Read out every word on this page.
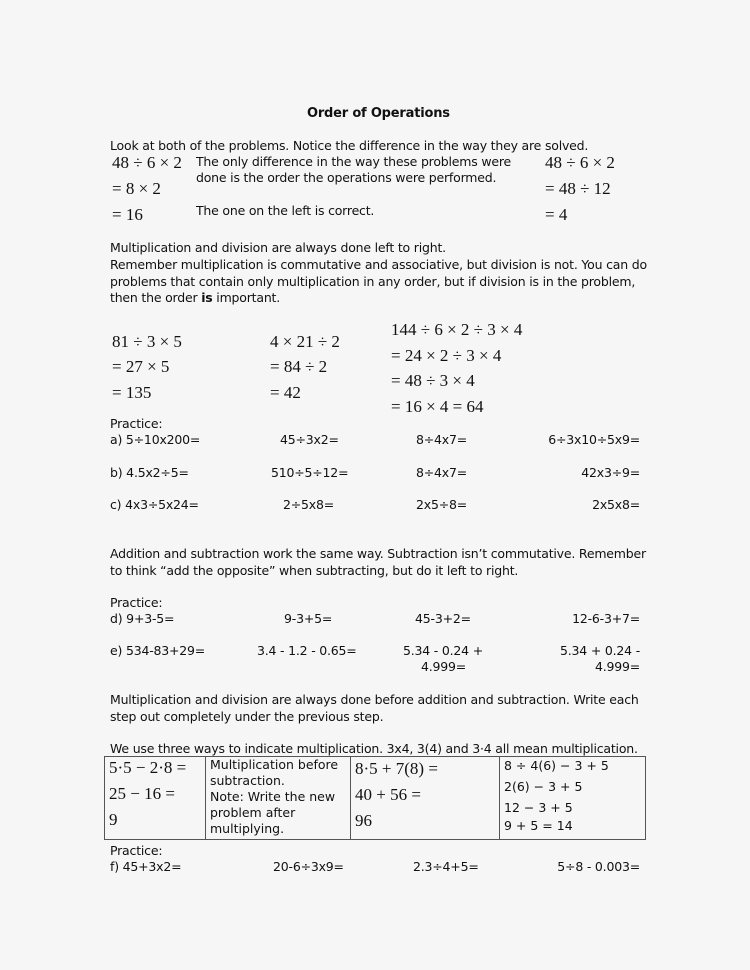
Order of Operations
Look at both of the problems. Notice the difference in the way they are solved.
48 ÷ 6 × 2
= 8 × 2
= 16
The only difference in the way these problems were
done is the order the operations were performed.
The one on the left is correct.
48 ÷ 6 × 2
= 48 ÷ 12
= 4
Multiplication and division are always done left to right.
Remember multiplication is commutative and associative, but division is not. You can do
problems that contain only multiplication in any order, but if division is in the problem,
then the order is important.
81 ÷ 3 × 5
= 27 × 5
= 135
4 × 21 ÷ 2
= 84 ÷ 2
= 42
144 ÷ 6 × 2 ÷ 3 × 4
= 24 × 2 ÷ 3 × 4
= 48 ÷ 3 × 4
= 16 × 4 = 64
Practice:
a) 5÷10x200=	45÷3x2=	8÷4x7=	6÷3x10÷5x9=
b) 4.5x2÷5=	510÷5÷12=	8÷4x7=	42x3÷9=
c) 4x3÷5x24=	2÷5x8=	2x5÷8=	2x5x8=
Addition and subtraction work the same way. Subtraction isn’t commutative. Remember
to think “add the opposite” when subtracting, but do it left to right.
Practice:
d) 9+3-5=	9-3+5=	45-3+2=	12-6-3+7=
e) 534-83+29=	3.4 - 1.2 - 0.65=	5.34 - 0.24 +	5.34 + 0.24 -
4.999=	4.999=
Multiplication and division are always done before addition and subtraction. Write each
step out completely under the previous step.
We use three ways to indicate multiplication. 3x4, 3(4) and 3·4 all mean multiplication.
5·5 − 2·8 =
25 − 16 =
9

Multiplication before
subtraction.
Note: Write the new
problem after
multiplying.

8·5 + 7(8) =
40 + 56 =
96

8 ÷ 4(6) − 3 + 5
2(6) − 3 + 5
12 − 3 + 5
9 + 5 = 14
Practice:
f) 45+3x2=	20-6÷3x9=	2.3÷4+5=	5÷8 - 0.003=
